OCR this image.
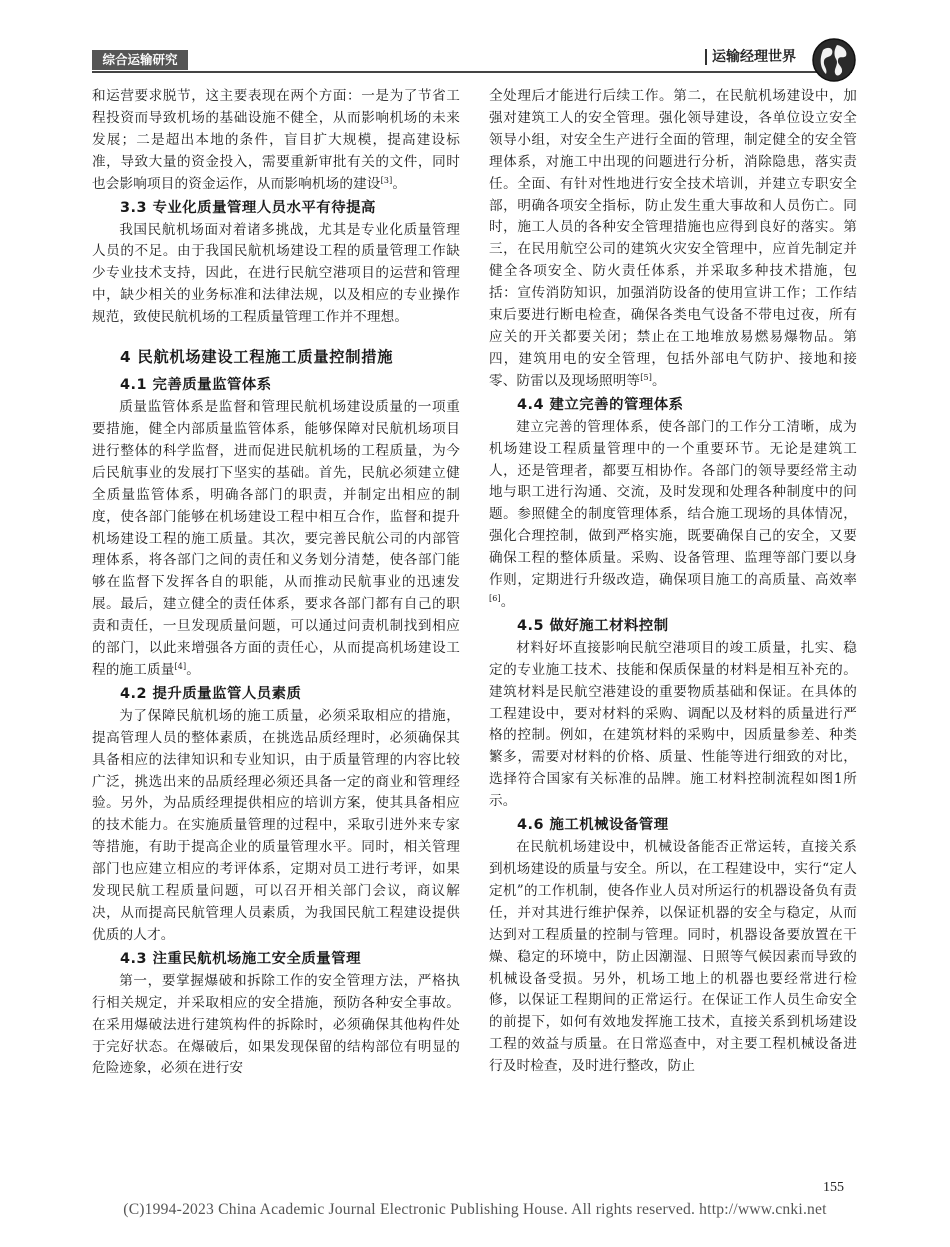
综合运输研究	运输经理世界

和运营要求脱节，这主要表现在两个方面：一是为了节省工程投资而导致机场的基础设施不健全，从而影响机场的未来发展；二是超出本地的条件，盲目扩大规模，提高建设标准，导致大量的资金投入，需要重新审批有关的文件，同时也会影响项目的资金运作，从而影响机场的建设[3]。

3.3 专业化质量管理人员水平有待提高

我国民航机场面对着诸多挑战，尤其是专业化质量管理人员的不足。由于我国民航机场建设工程的质量管理工作缺少专业技术支持，因此，在进行民航空港项目的运营和管理中，缺少相关的业务标准和法律法规，以及相应的专业操作规范，致使民航机场的工程质量管理工作并不理想。

4 民航机场建设工程施工质量控制措施
4.1 完善质量监管体系

质量监管体系是监督和管理民航机场建设质量的一项重要措施，健全内部质量监管体系，能够保障对民航机场项目进行整体的科学监督，进而促进民航机场的工程质量，为今后民航事业的发展打下坚实的基础。首先，民航必须建立健全质量监管体系，明确各部门的职责，并制定出相应的制度，使各部门能够在机场建设工程中相互合作，监督和提升机场建设工程的施工质量。其次，要完善民航公司的内部管理体系，将各部门之间的责任和义务划分清楚，使各部门能够在监督下发挥各自的职能，从而推动民航事业的迅速发展。最后，建立健全的责任体系，要求各部门都有自己的职责和责任，一旦发现质量问题，可以通过问责机制找到相应的部门，以此来增强各方面的责任心，从而提高机场建设工程的施工质量[4]。

4.2 提升质量监管人员素质

为了保障民航机场的施工质量，必须采取相应的措施，提高管理人员的整体素质，在挑选品质经理时，必须确保其具备相应的法律知识和专业知识，由于质量管理的内容比较广泛，挑选出来的品质经理必须还具备一定的商业和管理经验。另外，为品质经理提供相应的培训方案，使其具备相应的技术能力。在实施质量管理的过程中，采取引进外来专家等措施，有助于提高企业的质量管理水平。同时，相关管理部门也应建立相应的考评体系，定期对员工进行考评，如果发现民航工程质量问题，可以召开相关部门会议，商议解决，从而提高民航管理人员素质，为我国民航工程建设提供优质的人才。

4.3 注重民航机场施工安全质量管理

第一，要掌握爆破和拆除工作的安全管理方法，严格执行相关规定，并采取相应的安全措施，预防各种安全事故。在采用爆破法进行建筑构件的拆除时，必须确保其他构件处于完好状态。在爆破后，如果发现保留的结构部位有明显的危险迹象，必须在进行安

全处理后才能进行后续工作。第二，在民航机场建设中，加强对建筑工人的安全管理。强化领导建设，各单位设立安全领导小组，对安全生产进行全面的管理，制定健全的安全管理体系，对施工中出现的问题进行分析，消除隐患，落实责任。全面、有针对性地进行安全技术培训，并建立专职安全部，明确各项安全指标，防止发生重大事故和人员伤亡。同时，施工人员的各种安全管理措施也应得到良好的落实。第三，在民用航空公司的建筑火灾安全管理中，应首先制定并健全各项安全、防火责任体系，并采取多种技术措施，包括：宣传消防知识，加强消防设备的使用宣讲工作；工作结束后要进行断电检查，确保各类电气设备不带电过夜，所有应关的开关都要关闭；禁止在工地堆放易燃易爆物品。第四，建筑用电的安全管理，包括外部电气防护、接地和接零、防雷以及现场照明等[5]。

4.4 建立完善的管理体系

建立完善的管理体系，使各部门的工作分工清晰，成为机场建设工程质量管理中的一个重要环节。无论是建筑工人，还是管理者，都要互相协作。各部门的领导要经常主动地与职工进行沟通、交流，及时发现和处理各种制度中的问题。参照健全的制度管理体系，结合施工现场的具体情况，强化合理控制，做到严格实施，既要确保自己的安全，又要确保工程的整体质量。采购、设备管理、监理等部门要以身作则，定期进行升级改造，确保项目施工的高质量、高效率[6]。

4.5 做好施工材料控制

材料好坏直接影响民航空港项目的竣工质量，扎实、稳定的专业施工技术、技能和保质保量的材料是相互补充的。建筑材料是民航空港建设的重要物质基础和保证。在具体的工程建设中，要对材料的采购、调配以及材料的质量进行严格的控制。例如，在建筑材料的采购中，因质量参差、种类繁多，需要对材料的价格、质量、性能等进行细致的对比，选择符合国家有关标准的品牌。施工材料控制流程如图1所示。

4.6 施工机械设备管理

在民航机场建设中，机械设备能否正常运转，直接关系到机场建设的质量与安全。所以，在工程建设中，实行“定人定机”的工作机制，使各作业人员对所运行的机器设备负有责任，并对其进行维护保养，以保证机器的安全与稳定，从而达到对工程质量的控制与管理。同时，机器设备要放置在干燥、稳定的环境中，防止因潮湿、日照等气候因素而导致的机械设备受损。另外，机场工地上的机器也要经常进行检修，以保证工程期间的正常运行。在保证工作人员生命安全的前提下，如何有效地发挥施工技术，直接关系到机场建设工程的效益与质量。在日常巡查中，对主要工程机械设备进行及时检查，及时进行整改，防止

155
(C)1994-2023 China Academic Journal Electronic Publishing House. All rights reserved. http://www.cnki.net
